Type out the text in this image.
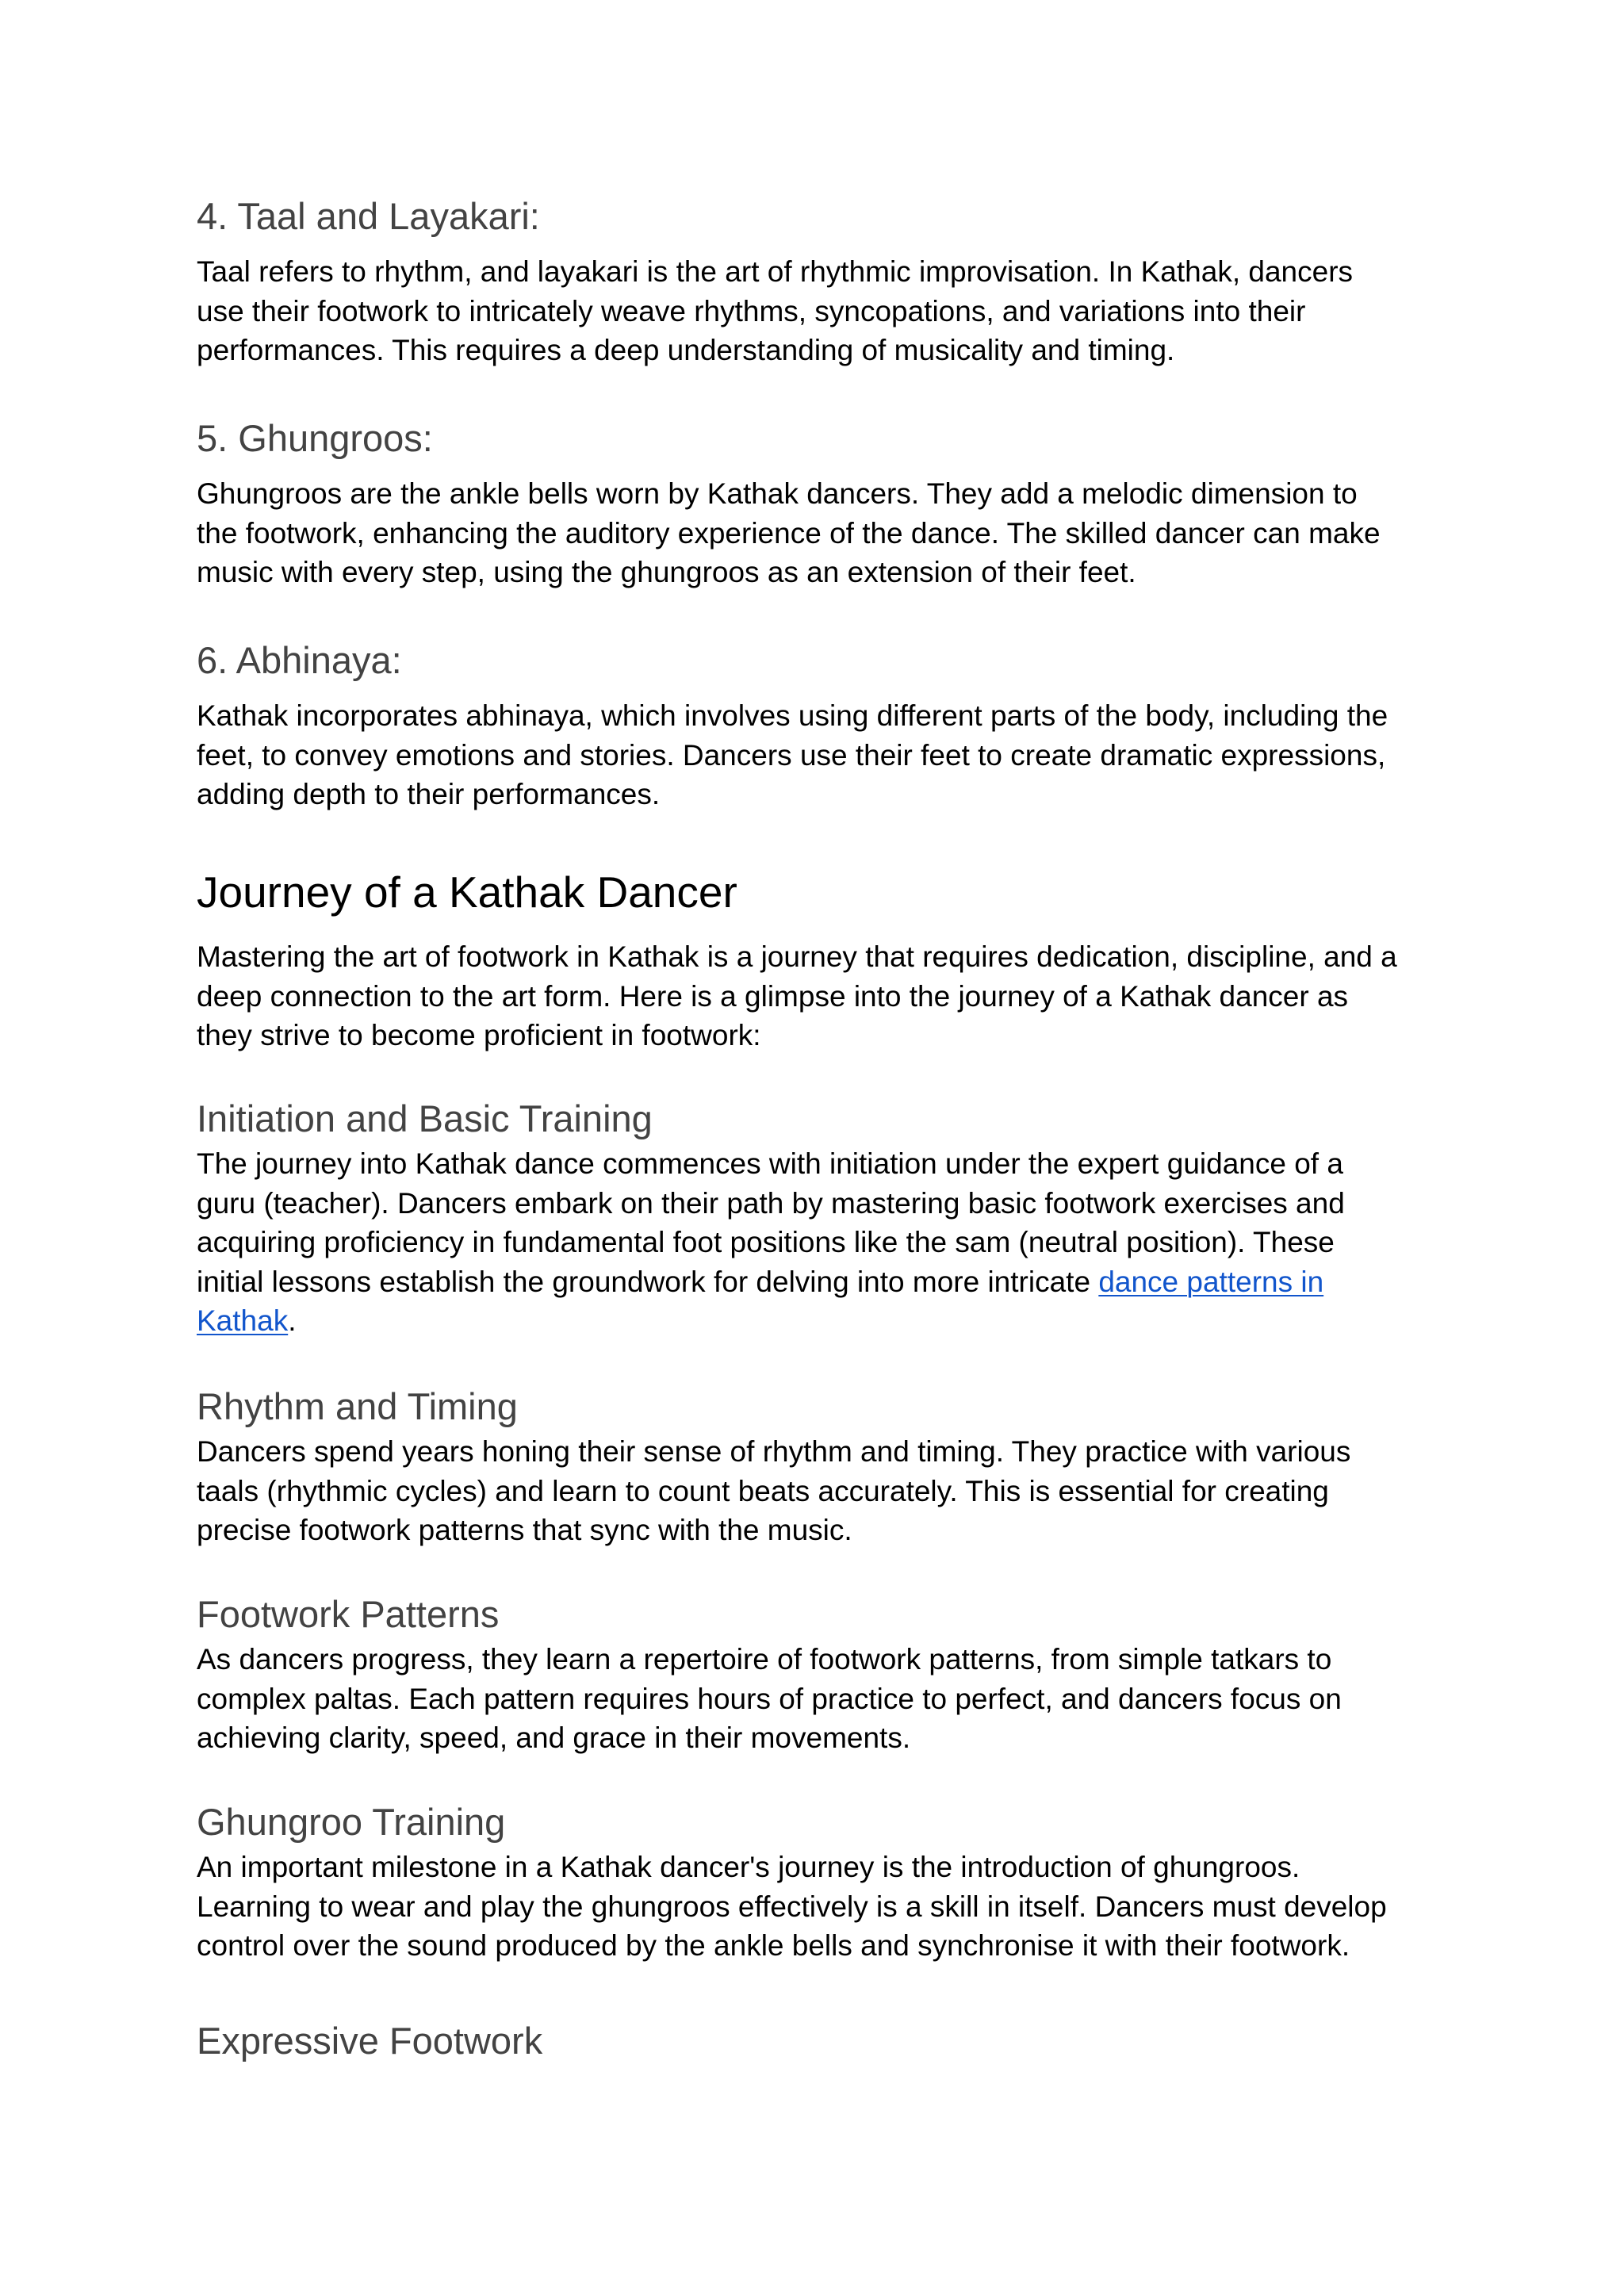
4. Taal and Layakari:
Taal refers to rhythm, and layakari is the art of rhythmic improvisation. In Kathak, dancers
use their footwork to intricately weave rhythms, syncopations, and variations into their
performances. This requires a deep understanding of musicality and timing.
5. Ghungroos:
Ghungroos are the ankle bells worn by Kathak dancers. They add a melodic dimension to
the footwork, enhancing the auditory experience of the dance. The skilled dancer can make
music with every step, using the ghungroos as an extension of their feet.
6. Abhinaya:
Kathak incorporates abhinaya, which involves using different parts of the body, including the
feet, to convey emotions and stories. Dancers use their feet to create dramatic expressions,
adding depth to their performances.
Journey of a Kathak Dancer
Mastering the art of footwork in Kathak is a journey that requires dedication, discipline, and a
deep connection to the art form. Here is a glimpse into the journey of a Kathak dancer as
they strive to become proficient in footwork:
Initiation and Basic Training
The journey into Kathak dance commences with initiation under the expert guidance of a
guru (teacher). Dancers embark on their path by mastering basic footwork exercises and
acquiring proficiency in fundamental foot positions like the sam (neutral position). These
initial lessons establish the groundwork for delving into more intricate dance patterns in
Kathak.
Rhythm and Timing
Dancers spend years honing their sense of rhythm and timing. They practice with various
taals (rhythmic cycles) and learn to count beats accurately. This is essential for creating
precise footwork patterns that sync with the music.
Footwork Patterns
As dancers progress, they learn a repertoire of footwork patterns, from simple tatkars to
complex paltas. Each pattern requires hours of practice to perfect, and dancers focus on
achieving clarity, speed, and grace in their movements.
Ghungroo Training
An important milestone in a Kathak dancer's journey is the introduction of ghungroos.
Learning to wear and play the ghungroos effectively is a skill in itself. Dancers must develop
control over the sound produced by the ankle bells and synchronise it with their footwork.
Expressive Footwork
